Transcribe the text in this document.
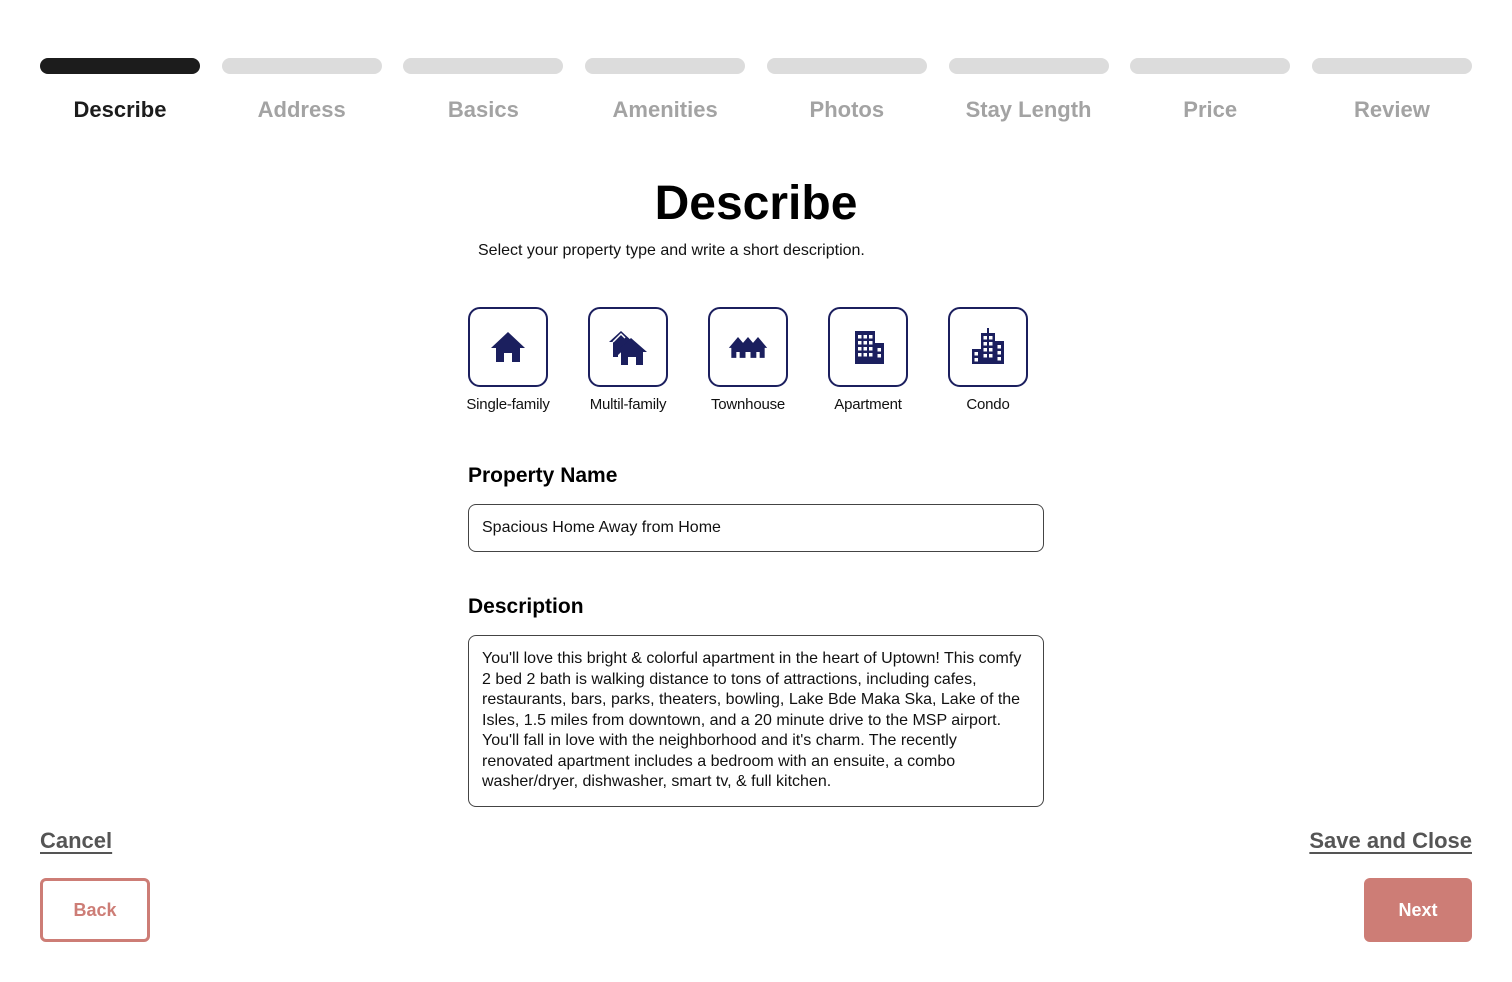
Describe	Address	Basics	Amenities	Photos	Stay Length	Price	Review
Describe

Select your property type and write a short description.

Single-family	Multil-family	Townhouse	Apartment	Condo
Property Name
Spacious Home Away from Home
Description
You'll love this bright & colorful apartment in the heart of Uptown! This comfy 2 bed 2 bath is walking distance to tons of attractions, including cafes, restaurants, bars, parks, theaters, bowling, Lake Bde Maka Ska, Lake of the Isles, 1.5 miles from downtown, and a 20 minute drive to the MSP airport. You'll fall in love with the neighborhood and it's charm. The recently renovated apartment includes a bedroom with an ensuite, a combo washer/dryer, dishwasher, smart tv, & full kitchen.
Cancel	Save and Close
Back	Next
